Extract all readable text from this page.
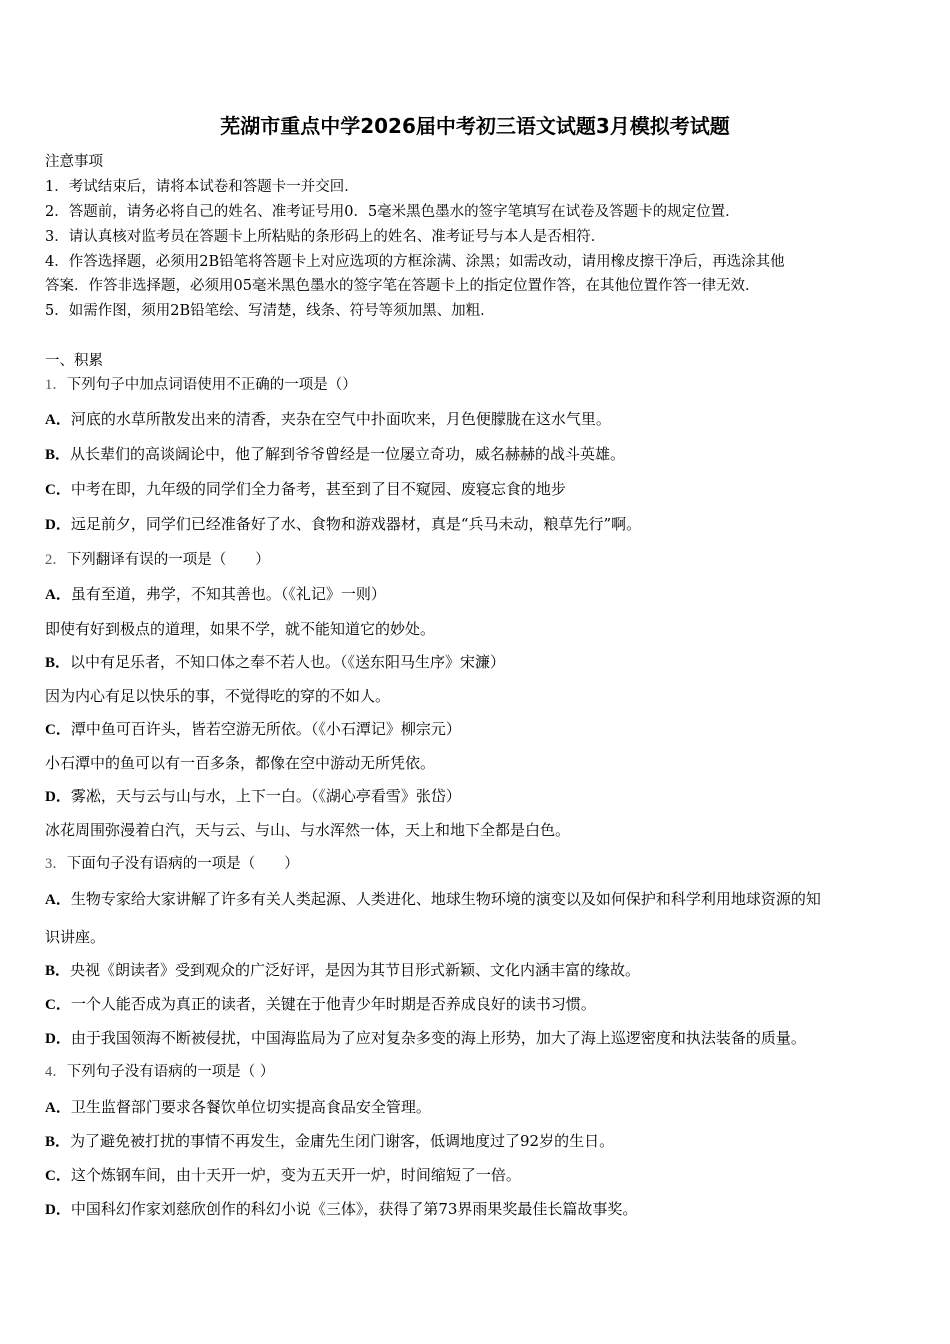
芜湖市重点中学2026届中考初三语文试题3月模拟考试题
注意事项
1．考试结束后，请将本试卷和答题卡一并交回．
2．答题前，请务必将自己的姓名、准考证号用0．5毫米黑色墨水的签字笔填写在试卷及答题卡的规定位置．
3．请认真核对监考员在答题卡上所粘贴的条形码上的姓名、准考证号与本人是否相符．
4．作答选择题，必须用2B铅笔将答题卡上对应选项的方框涂满、涂黑；如需改动，请用橡皮擦干净后，再选涂其他
答案．作答非选择题，必须用05毫米黑色墨水的签字笔在答题卡上的指定位置作答，在其他位置作答一律无效．
5．如需作图，须用2B铅笔绘、写清楚，线条、符号等须加黑、加粗．
一、积累
1．下列句子中加点词语使用不正确的一项是（）
A．河底的水草所散发出来的清香，夹杂在空气中扑面吹来，月色便朦胧在这水气里。
B．从长辈们的高谈阔论中，他了解到爷爷曾经是一位屡立奇功，威名赫赫的战斗英雄。
C．中考在即，九年级的同学们全力备考，甚至到了目不窥园、废寝忘食的地步
D．远足前夕，同学们已经准备好了水、食物和游戏器材，真是“兵马未动，粮草先行”啊。
2．下列翻译有误的一项是（　　）
A．虽有至道，弗学，不知其善也。（《礼记》一则）
即使有好到极点的道理，如果不学，就不能知道它的妙处。
B．以中有足乐者，不知口体之奉不若人也。（《送东阳马生序》宋濂）
因为内心有足以快乐的事，不觉得吃的穿的不如人。
C．潭中鱼可百许头，皆若空游无所依。（《小石潭记》柳宗元）
小石潭中的鱼可以有一百多条，都像在空中游动无所凭依。
D．雾凇，天与云与山与水，上下一白。（《湖心亭看雪》张岱）
冰花周围弥漫着白汽，天与云、与山、与水浑然一体，天上和地下全都是白色。
3．下面句子没有语病的一项是（　　）
A．生物专家给大家讲解了许多有关人类起源、人类进化、地球生物环境的演变以及如何保护和科学利用地球资源的知
识讲座。
B．央视《朗读者》受到观众的广泛好评，是因为其节目形式新颖、文化内涵丰富的缘故。
C．一个人能否成为真正的读者，关键在于他青少年时期是否养成良好的读书习惯。
D．由于我国领海不断被侵扰，中国海监局为了应对复杂多变的海上形势，加大了海上巡逻密度和执法装备的质量。
4．下列句子没有语病的一项是（ ）
A．卫生监督部门要求各餐饮单位切实提高食品安全管理。
B．为了避免被打扰的事情不再发生，金庸先生闭门谢客，低调地度过了92岁的生日。
C．这个炼钢车间，由十天开一炉，变为五天开一炉，时间缩短了一倍。
D．中国科幻作家刘慈欣创作的科幻小说《三体》，获得了第73界雨果奖最佳长篇故事奖。
